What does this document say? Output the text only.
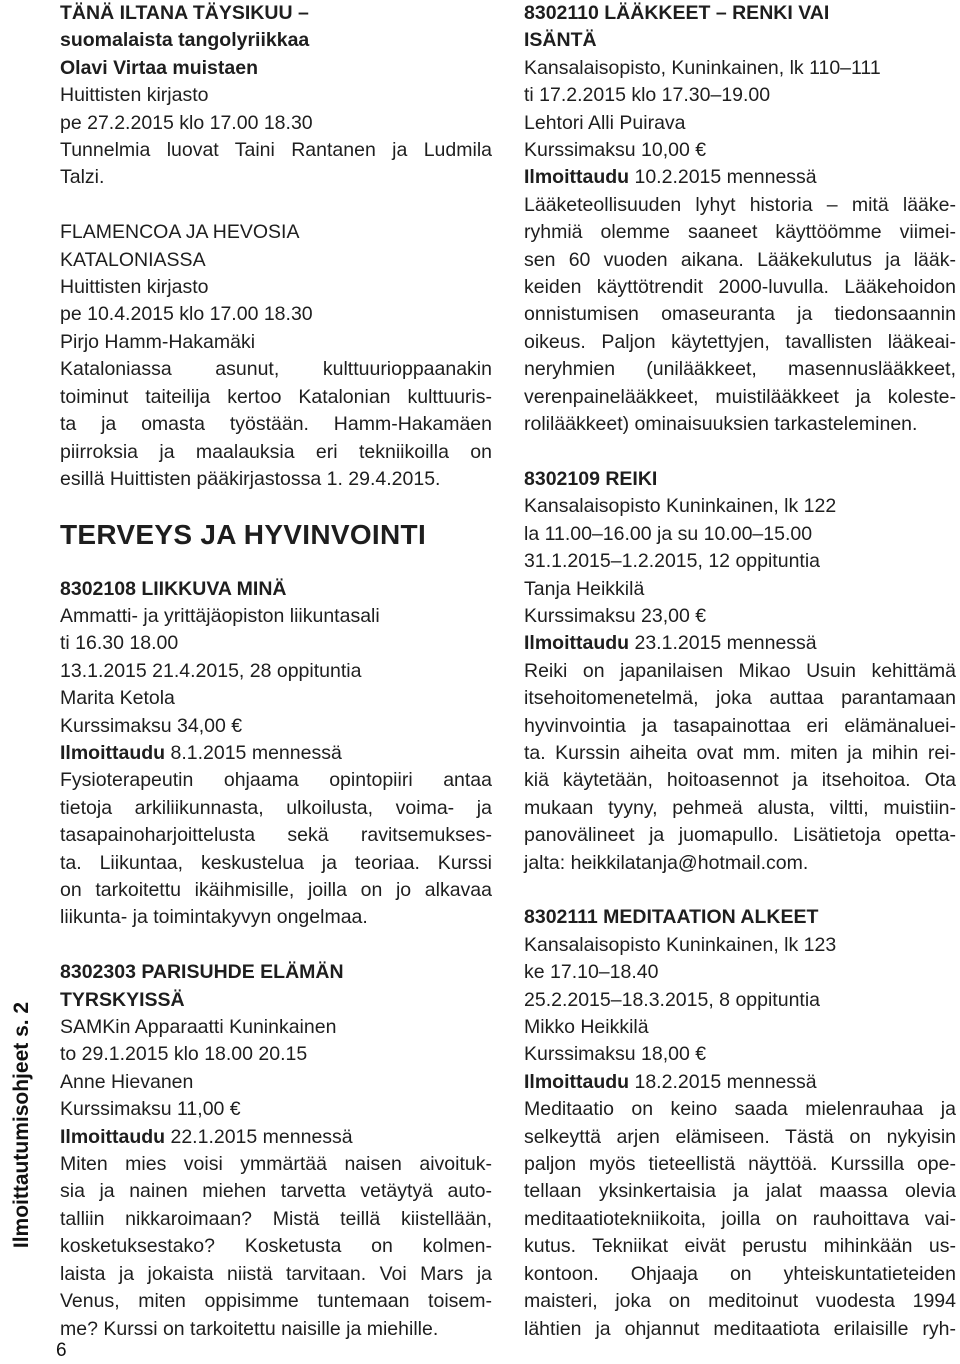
Ilmoittautumisohjeet s. 2
TÄNÄ ILTANA TÄYSIKUU –
suomalaista tangolyriikkaa
Olavi Virtaa muistaen
Huittisten kirjasto
pe 27.2.2015 klo 17.00 18.30
Tunnelmia luovat Taini Rantanen ja Ludmila
Talzi.

FLAMENCOA JA HEVOSIA
KATALONIASSA
Huittisten kirjasto
pe 10.4.2015 klo 17.00 18.30
Pirjo Hamm-Hakamäki
Kataloniassa asunut, kulttuurioppaanakin
toiminut taiteilija kertoo Katalonian kulttuuris-
ta ja omasta työstään. Hamm-Hakamäen
piirroksia ja maalauksia eri tekniikoilla on
esillä Huittisten pääkirjastossa 1. 29.4.2015.

TERVEYS JA HYVINVOINTI

8302108 LIIKKUVA MINÄ
Ammatti- ja yrittäjäopiston liikuntasali
ti 16.30 18.00
13.1.2015 21.4.2015, 28 oppituntia
Marita Ketola
Kurssimaksu 34,00 €
Ilmoittaudu 8.1.2015 mennessä
Fysioterapeutin ohjaama opintopiiri antaa
tietoja arkiliikunnasta, ulkoilusta, voima- ja
tasapainoharjoittelusta sekä ravitsemukses-
ta. Liikuntaa, keskustelua ja teoriaa. Kurssi
on tarkoitettu ikäihmisille, joilla on jo alkavaa
liikunta- ja toimintakyvyn ongelmaa.

8302303 PARISUHDE ELÄMÄN
TYRSKYISSÄ
SAMKin Apparaatti Kuninkainen
to 29.1.2015 klo 18.00 20.15
Anne Hievanen
Kurssimaksu 11,00 €
Ilmoittaudu 22.1.2015 mennessä
Miten mies voisi ymmärtää naisen aivoituk-
sia ja nainen miehen tarvetta vetäytyä auto-
talliin nikkaroimaan? Mistä teillä kiistellään,
kosketuksestako? Kosketusta on kolmen-
laista ja jokaista niistä tarvitaan. Voi Mars ja
Venus, miten oppisimme tuntemaan toisem-
me? Kurssi on tarkoitettu naisille ja miehille.
8302110 LÄÄKKEET – RENKI VAI
ISÄNTÄ
Kansalaisopisto, Kuninkainen, lk 110–111
ti 17.2.2015 klo 17.30–19.00
Lehtori Alli Puirava
Kurssimaksu 10,00 €
Ilmoittaudu 10.2.2015 mennessä
Lääketeollisuuden lyhyt historia – mitä lääke-
ryhmiä olemme saaneet käyttöömme viimei-
sen 60 vuoden aikana. Lääkekulutus ja lääk-
keiden käyttötrendit 2000-luvulla. Lääkehoidon
onnistumisen omaseuranta ja tiedonsaannin
oikeus. Paljon käytettyjen, tavallisten lääkeai-
neryhmien (unilääkkeet, masennuslääkkeet,
verenpainelääkkeet, muistilääkkeet ja koleste-
rolilääkkeet) ominaisuuksien tarkasteleminen.

8302109 REIKI
Kansalaisopisto Kuninkainen, lk 122
la 11.00–16.00 ja su 10.00–15.00
31.1.2015–1.2.2015, 12 oppituntia
Tanja Heikkilä
Kurssimaksu 23,00 €
Ilmoittaudu 23.1.2015 mennessä
Reiki on japanilaisen Mikao Usuin kehittämä
itsehoitomenetelmä, joka auttaa parantamaan
hyvinvointia ja tasapainottaa eri elämänaluei-
ta. Kurssin aiheita ovat mm. miten ja mihin rei-
kiä käytetään, hoitoasennot ja itsehoitoa. Ota
mukaan tyyny, pehmeä alusta, viltti, muistiin-
panovälineet ja juomapullo. Lisätietoja opetta-
jalta: heikkilatanja@hotmail.com.

8302111 MEDITAATION ALKEET
Kansalaisopisto Kuninkainen, lk 123
ke 17.10–18.40
25.2.2015–18.3.2015, 8 oppituntia
Mikko Heikkilä
Kurssimaksu 18,00 €
Ilmoittaudu 18.2.2015 mennessä
Meditaatio on keino saada mielenrauhaa ja
selkeyttä arjen elämiseen. Tästä on nykyisin
paljon myös tieteellistä näyttöä. Kurssilla ope-
tellaan yksinkertaisia ja jalat maassa olevia
meditaatiotekniikoita, joilla on rauhoittava vai-
kutus. Tekniikat eivät perustu mihinkään us-
kontoon. Ohjaaja on yhteiskuntatieteiden
maisteri, joka on meditoinut vuodesta 1994
lähtien ja ohjannut meditaatiota erilaisille ryh-
6
